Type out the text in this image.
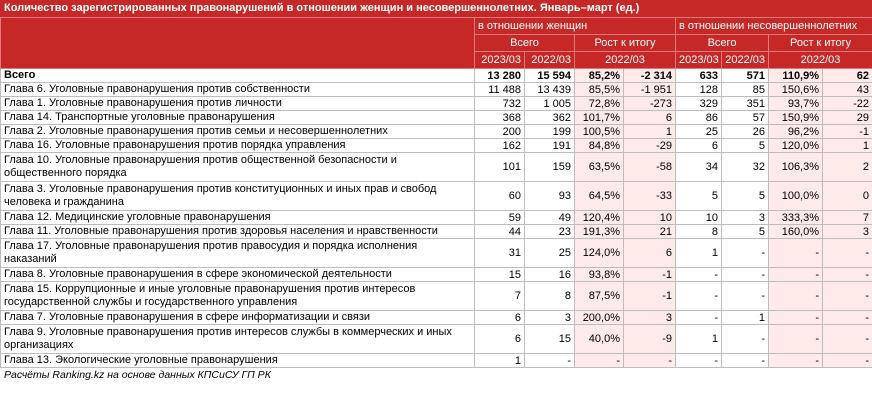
Количество зарегистрированных правонарушений в отношении женщин и несовершеннолетних. Январь–март (ед.)
	в отношении женщин				в отношении несовершеннолетних			
	Всего		Рост к итогу		Всего		Рост к итогу	
	2023/03	2022/03	2022/03		2023/03	2022/03	2022/03	
Всего	13 280	15 594	85,2%	-2 314	633	571	110,9%	62
Глава 6. Уголовные правонарушения против собственности	11 488	13 439	85,5%	-1 951	128	85	150,6%	43
Глава 1. Уголовные правонарушения против личности	732	1 005	72,8%	-273	329	351	93,7%	-22
Глава 14. Транспортные уголовные правонарушения	368	362	101,7%	6	86	57	150,9%	29
Глава 2. Уголовные правонарушения против семьи и несовершеннолетних	200	199	100,5%	1	25	26	96,2%	-1
Глава 16. Уголовные правонарушения против порядка управления	162	191	84,8%	-29	6	5	120,0%	1
Глава 10. Уголовные правонарушения против общественной безопасности и общественного порядка	101	159	63,5%	-58	34	32	106,3%	2
Глава 3. Уголовные правонарушения против конституционных и иных прав и свобод человека и гражданина	60	93	64,5%	-33	5	5	100,0%	0
Глава 12. Медицинские уголовные правонарушения	59	49	120,4%	10	10	3	333,3%	7
Глава 11. Уголовные правонарушения против здоровья населения и нравственности	44	23	191,3%	21	8	5	160,0%	3
Глава 17. Уголовные правонарушения против правосудия и порядка исполнения наказаний	31	25	124,0%	6	1	-	-	-
Глава 8. Уголовные правонарушения в сфере экономической деятельности	15	16	93,8%	-1	-	-	-	-
Глава 15. Коррупционные и иные уголовные правонарушения против интересов государственной службы и государственного управления	7	8	87,5%	-1	-	-	-	-
Глава 7. Уголовные правонарушения в сфере информатизации и связи	6	3	200,0%	3	-	1	-	-
Глава 9. Уголовные правонарушения против интересов службы в коммерческих и иных организациях	6	15	40,0%	-9	1	-	-	-
Глава 13. Экологические уголовные правонарушения	1	-	-	-	-	-	-	-
Расчёты Ranking.kz на основе данных КПСиСУ ГП РК
